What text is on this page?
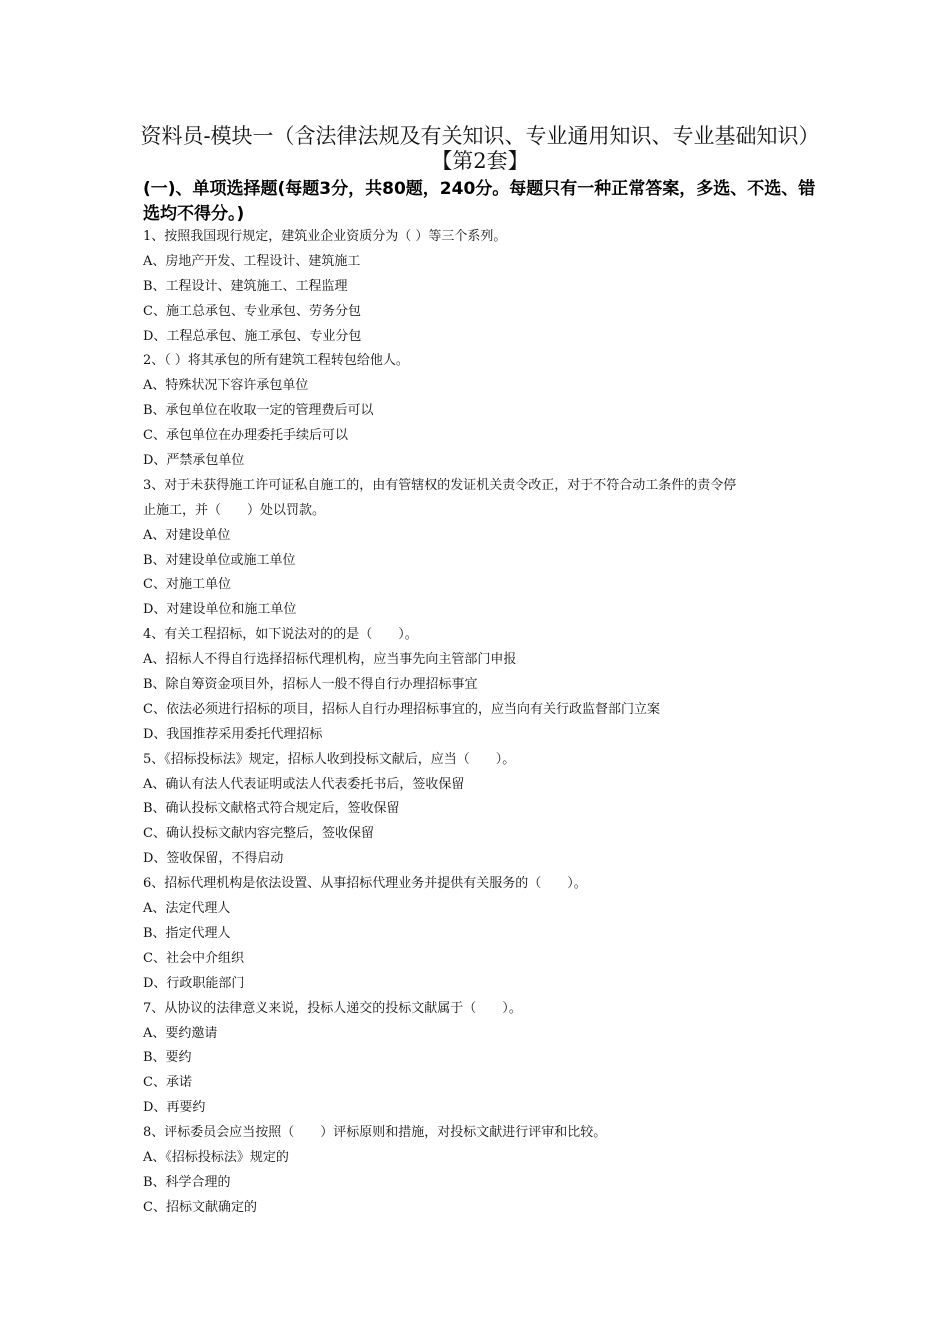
资料员-模块一（含法律法规及有关知识、专业通用知识、专业基础知识）【第2套】
(一)、单项选择题(每题3分，共80题，240分。每题只有一种正常答案，多选、不选、错选均不得分。)
1、按照我国现行规定，建筑业企业资质分为（ ）等三个系列。
A、房地产开发、工程设计、建筑施工
B、工程设计、建筑施工、工程监理
C、施工总承包、专业承包、劳务分包
D、工程总承包、施工承包、专业分包
2、（ ）将其承包的所有建筑工程转包给他人。
A、特殊状况下容许承包单位
B、承包单位在收取一定的管理费后可以
C、承包单位在办理委托手续后可以
D、严禁承包单位
3、对于未获得施工许可证私自施工的，由有管辖权的发证机关责令改正，对于不符合动工条件的责令停
止施工，并（　　）处以罚款。
A、对建设单位
B、对建设单位或施工单位
C、对施工单位
D、对建设单位和施工单位
4、有关工程招标，如下说法对的的是（　　）。
A、招标人不得自行选择招标代理机构，应当事先向主管部门申报
B、除自筹资金项目外，招标人一般不得自行办理招标事宜
C、依法必须进行招标的项目，招标人自行办理招标事宜的，应当向有关行政监督部门立案
D、我国推荐采用委托代理招标
5、《招标投标法》规定，招标人收到投标文献后，应当（　　）。
A、确认有法人代表证明或法人代表委托书后，签收保留
B、确认投标文献格式符合规定后，签收保留
C、确认投标文献内容完整后，签收保留
D、签收保留，不得启动
6、招标代理机构是依法设置、从事招标代理业务并提供有关服务的（　　）。
A、法定代理人
B、指定代理人
C、社会中介组织
D、行政职能部门
7、从协议的法律意义来说，投标人递交的投标文献属于（　　）。
A、要约邀请
B、要约
C、承诺
D、再要约
8、评标委员会应当按照（　　）评标原则和措施，对投标文献进行评审和比较。
A、《招标投标法》规定的
B、科学合理的
C、招标文献确定的
